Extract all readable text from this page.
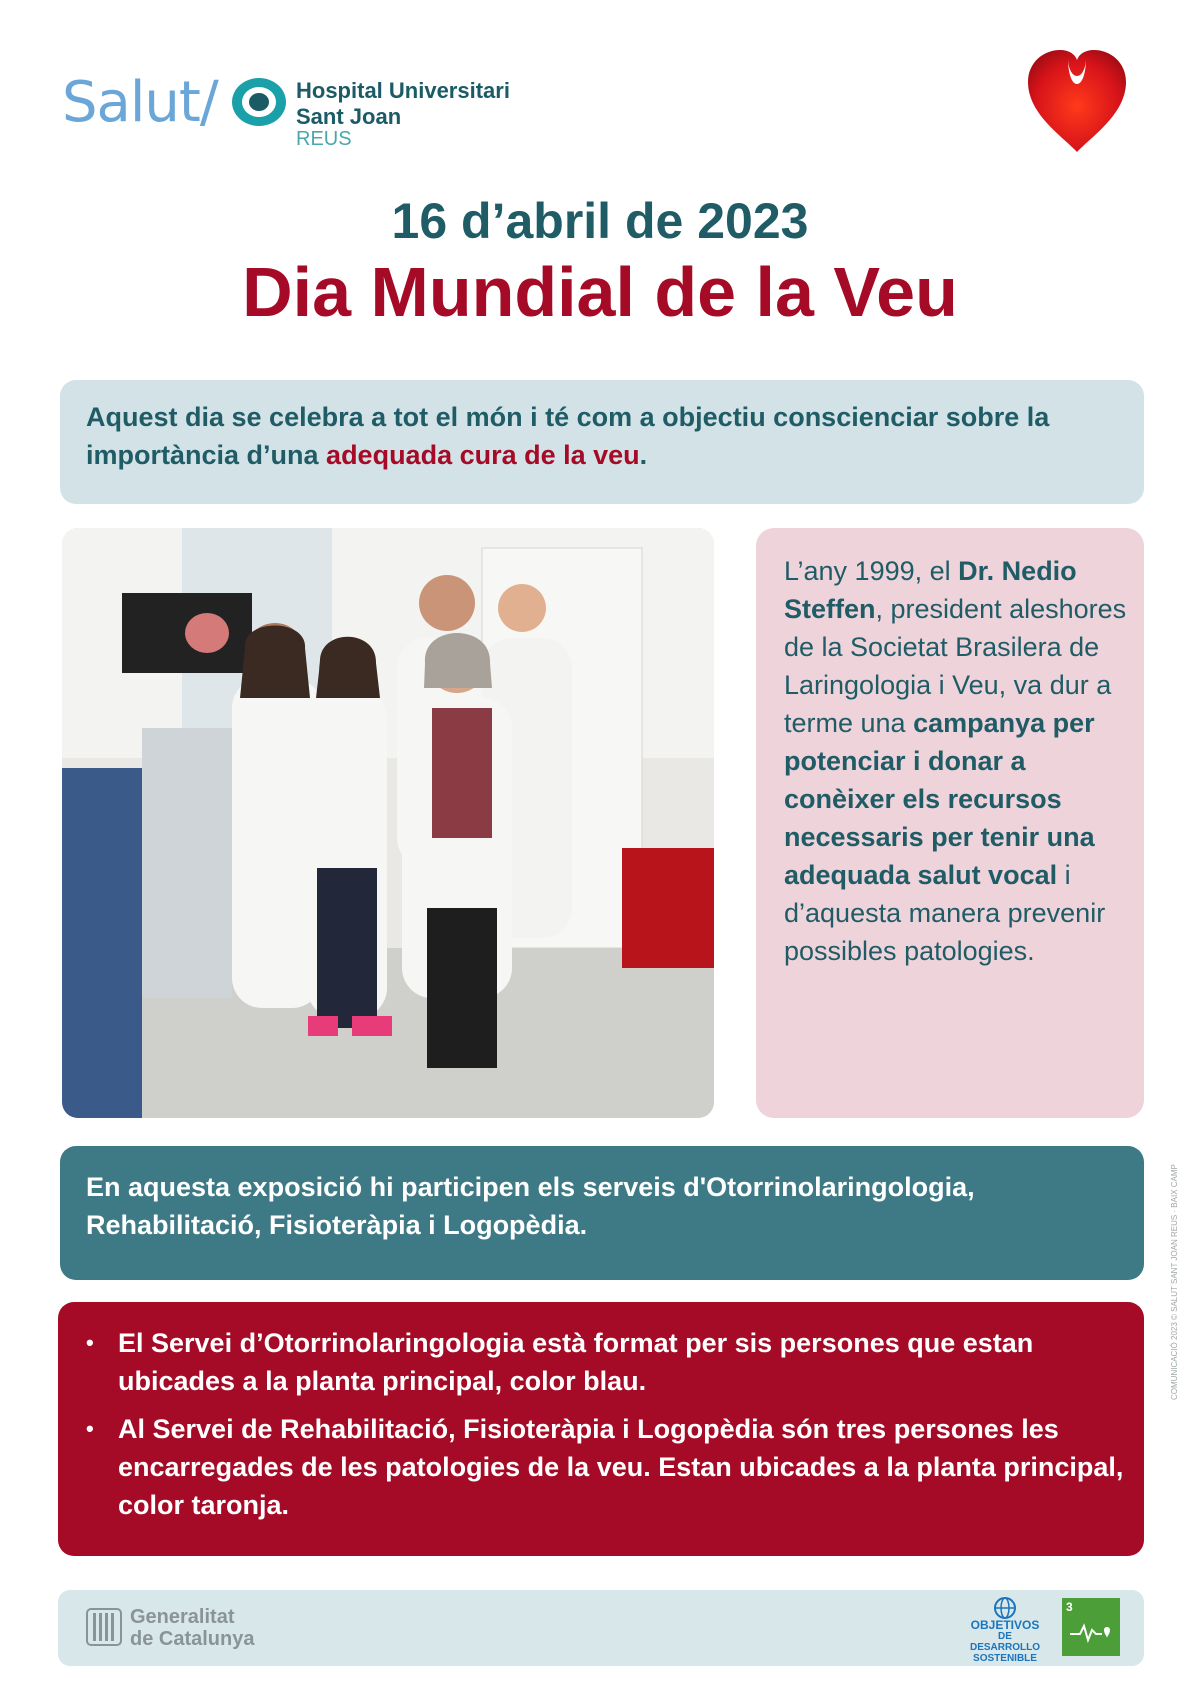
Salut/	Hospital Universitari
Sant Joan
REUS
16 d’abril de 2023
Dia Mundial de la Veu
Aquest dia se celebra a tot el món i té com a objectiu conscienciar sobre la importància d’una adequada cura de la veu.
L’any 1999, el Dr. Nedio Steffen, president aleshores de la Societat Brasilera de Laringologia i Veu, va dur a terme una campanya per potenciar i donar a conèixer els recursos necessaris per tenir una adequada salut vocal i d’aquesta manera prevenir possibles patologies.
En aquesta exposició hi participen els serveis d'Otorrinolaringologia, Rehabilitació, Fisioteràpia i Logopèdia.
• El Servei d’Otorrinolaringologia està format per sis persones que estan ubicades a la planta principal, color blau.
• Al Servei de Rehabilitació, Fisioteràpia i Logopèdia són tres persones les encarregades de les patologies de la veu. Estan ubicades a la planta principal, color taronja.
Generalitat
de Catalunya
OBJETIVOS
DE DESARROLLO
SOSTENIBLE
3
COMUNICACIÓ 2023 © SALUT SANT JOAN REUS · BAIX CAMP
